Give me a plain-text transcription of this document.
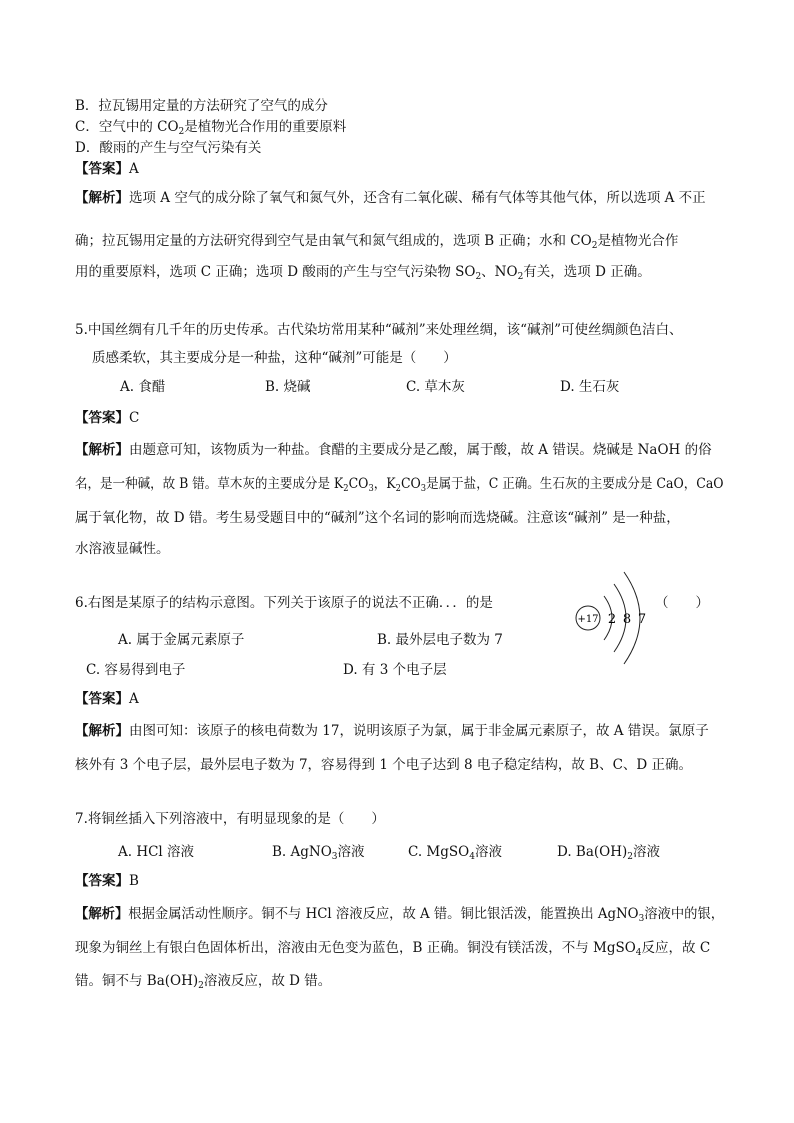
B．拉瓦锡用定量的方法研究了空气的成分
C．空气中的 $CO_2$是植物光合作用的重要原料
D．酸雨的产生与空气污染有关
【答案】A
【解析】选项 A 空气的成分除了氧气和氮气外，还含有二氧化碳、稀有气体等其他气体，所以选项 A 不正
确；拉瓦锡用定量的方法研究得到空气是由氧气和氮气组成的，选项 B 正确；水和 $CO_2$是植物光合作
用的重要原料，选项 C 正确；选项 D 酸雨的产生与空气污染物 $SO_2$、$NO_2$有关，选项 D 正确。
5.中国丝绸有几千年的历史传承。古代染坊常用某种“碱剂”来处理丝绸，该“碱剂”可使丝绸颜色洁白、
质感柔软，其主要成分是一种盐，这种“碱剂”可能是（　　）
A. 食醋	B. 烧碱	C. 草木灰	D. 生石灰
【答案】C
【解析】由题意可知，该物质为一种盐。食醋的主要成分是乙酸，属于酸，故 A 错误。烧碱是 NaOH 的俗
名，是一种碱，故 B 错。草木灰的主要成分是 $K_2CO_3$，$K_2CO_3$是属于盐，C 正确。生石灰的主要成分是 CaO，CaO
属于氧化物，故 D 错。考生易受题目中的“碱剂”这个名词的影响而选烧碱。注意该“碱剂” 是一种盐，
水溶液显碱性。
6.右图是某原子的结构示意图。下列关于该原子的说法不正确．．．的是	（　　）
+17 2 8 7
A. 属于金属元素原子	B. 最外层电子数为 7
C. 容易得到电子	D. 有 3 个电子层
【答案】A
【解析】由图可知：该原子的核电荷数为 17，说明该原子为氯，属于非金属元素原子，故 A 错误。氯原子
核外有 3 个电子层，最外层电子数为 7，容易得到 1 个电子达到 8 电子稳定结构，故 B、C、D 正确。
7.将铜丝插入下列溶液中，有明显现象的是（　　）
A. HCl 溶液	B. AgNO$_3$溶液	C. MgSO$_4$溶液	D. $Ba(OH)_2$溶液
【答案】B
【解析】根据金属活动性顺序。铜不与 HCl 溶液反应，故 A 错。铜比银活泼，能置换出 AgNO$_3$溶液中的银，
现象为铜丝上有银白色固体析出，溶液由无色变为蓝色，B 正确。铜没有镁活泼，不与 MgSO$_4$反应，故 C
错。铜不与 $Ba(OH)_2$溶液反应，故 D 错。
